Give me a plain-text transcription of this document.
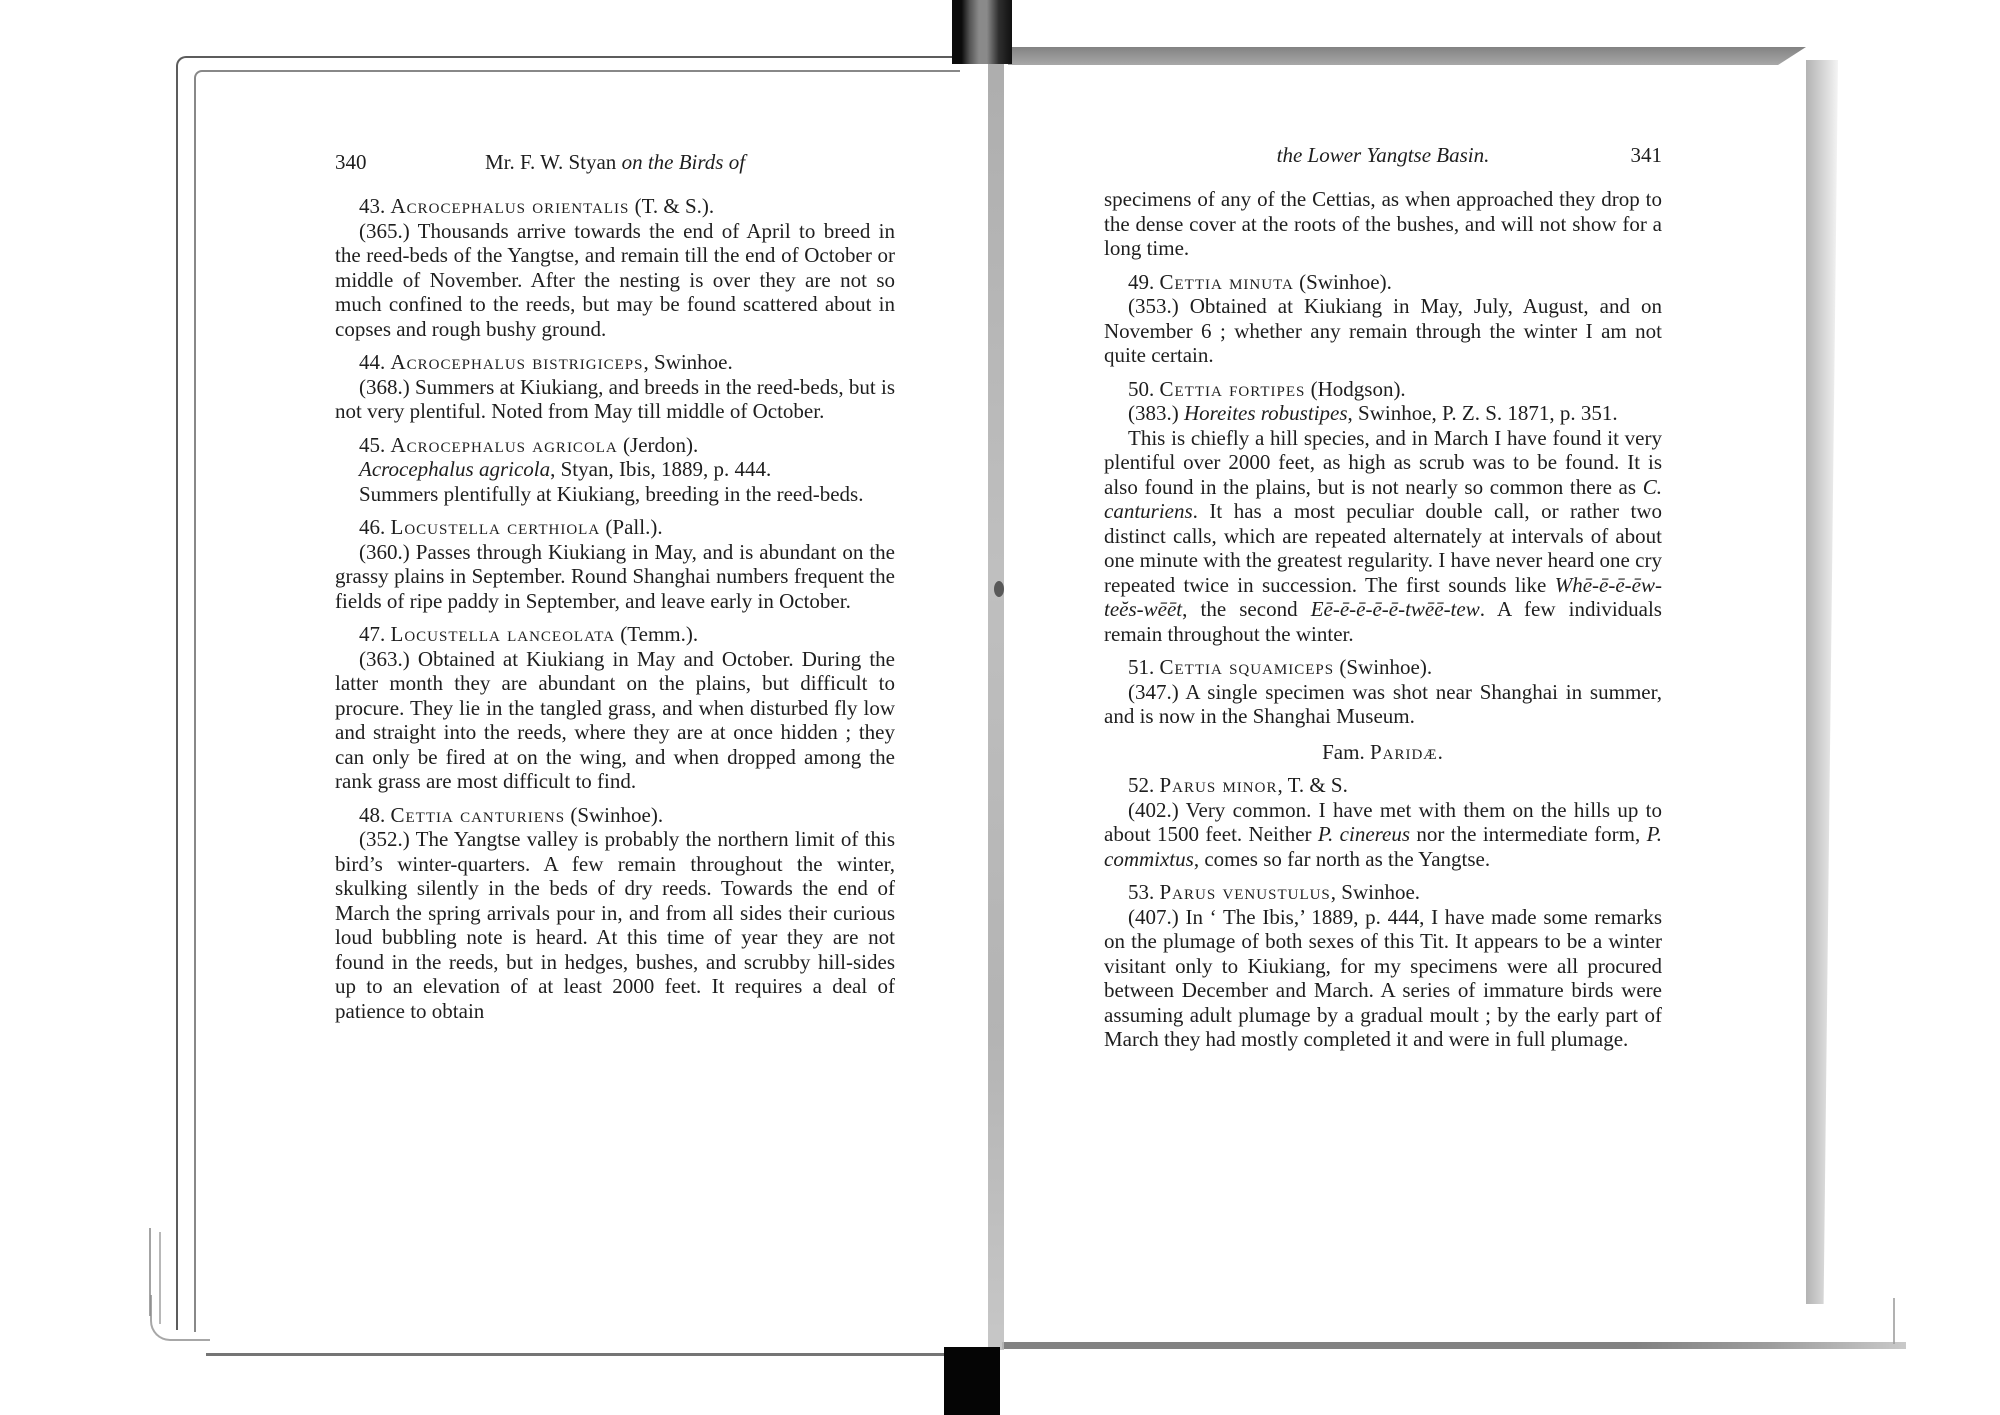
340	Mr. F. W. Styan on the Birds of

43. Acrocephalus orientalis (T. & S.).

(365.) Thousands arrive towards the end of April to breed in the reed-beds of the Yangtse, and remain till the end of October or middle of November. After the nesting is over they are not so much confined to the reeds, but may be found scattered about in copses and rough bushy ground.

44. Acrocephalus bistrigiceps, Swinhoe.

(368.) Summers at Kiukiang, and breeds in the reed-beds, but is not very plentiful. Noted from May till middle of October.

45. Acrocephalus agricola (Jerdon).

Acrocephalus agricola, Styan, Ibis, 1889, p. 444.

Summers plentifully at Kiukiang, breeding in the reed-beds.

46. Locustella certhiola (Pall.).

(360.) Passes through Kiukiang in May, and is abundant on the grassy plains in September. Round Shanghai numbers frequent the fields of ripe paddy in September, and leave early in October.

47. Locustella lanceolata (Temm.).

(363.) Obtained at Kiukiang in May and October. During the latter month they are abundant on the plains, but difficult to procure. They lie in the tangled grass, and when disturbed fly low and straight into the reeds, where they are at once hidden ; they can only be fired at on the wing, and when dropped among the rank grass are most difficult to find.

48. Cettia canturiens (Swinhoe).

(352.) The Yangtse valley is probably the northern limit of this bird’s winter-quarters. A few remain throughout the winter, skulking silently in the beds of dry reeds. Towards the end of March the spring arrivals pour in, and from all sides their curious loud bubbling note is heard. At this time of year they are not found in the reeds, but in hedges, bushes, and scrubby hill-sides up to an elevation of at least 2000 feet. It requires a deal of patience to obtain

the Lower Yangtse Basin.	341

specimens of any of the Cettias, as when approached they drop to the dense cover at the roots of the bushes, and will not show for a long time.

49. Cettia minuta (Swinhoe).

(353.) Obtained at Kiukiang in May, July, August, and on November 6 ; whether any remain through the winter I am not quite certain.

50. Cettia fortipes (Hodgson).

(383.) Horeites robustipes, Swinhoe, P. Z. S. 1871, p. 351.

This is chiefly a hill species, and in March I have found it very plentiful over 2000 feet, as high as scrub was to be found. It is also found in the plains, but is not nearly so common there as C. canturiens. It has a most peculiar double call, or rather two distinct calls, which are repeated alternately at intervals of about one minute with the greatest regularity. I have never heard one cry repeated twice in succession. The first sounds like Whē-ē-ē-ēw-teĕs-wēēt, the second Eē-ē-ē-ē-ē-twēē-tew. A few individuals remain throughout the winter.

51. Cettia squamiceps (Swinhoe).

(347.) A single specimen was shot near Shanghai in summer, and is now in the Shanghai Museum.

Fam. Paridæ.

52. Parus minor, T. & S.

(402.) Very common. I have met with them on the hills up to about 1500 feet. Neither P. cinereus nor the intermediate form, P. commixtus, comes so far north as the Yangtse.

53. Parus venustulus, Swinhoe.

(407.) In ‘ The Ibis,’ 1889, p. 444, I have made some remarks on the plumage of both sexes of this Tit. It appears to be a winter visitant only to Kiukiang, for my specimens were all procured between December and March. A series of immature birds were assuming adult plumage by a gradual moult ; by the early part of March they had mostly completed it and were in full plumage.
